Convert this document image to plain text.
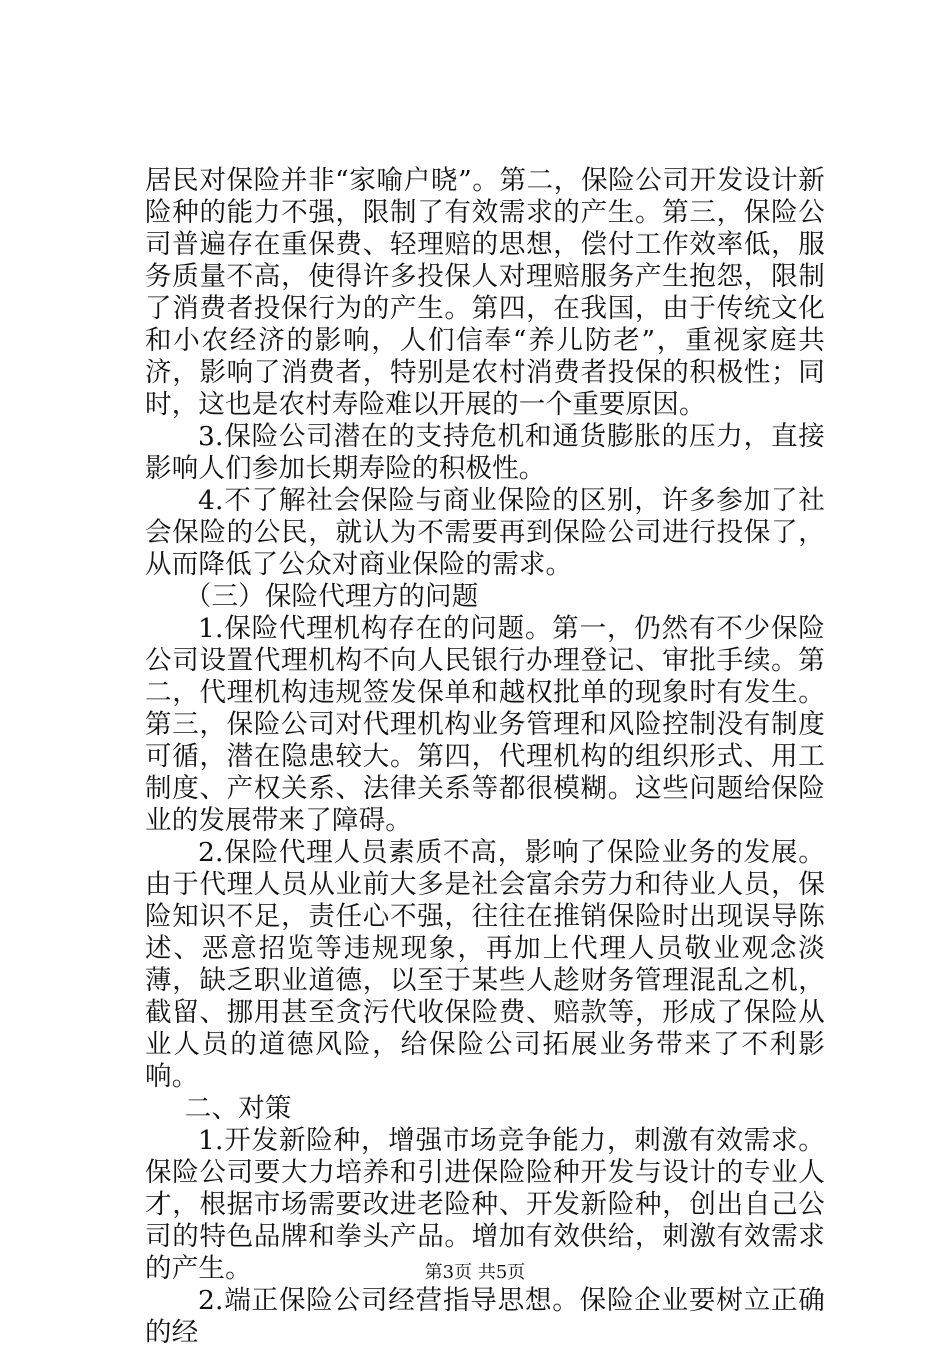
居民对保险并非“家喻户晓”。第二，保险公司开发设计新险种的能力不强，限制了有效需求的产生。第三，保险公司普遍存在重保费、轻理赔的思想，偿付工作效率低，服务质量不高，使得许多投保人对理赔服务产生抱怨，限制了消费者投保行为的产生。第四，在我国，由于传统文化和小农经济的影响，人们信奉“养儿防老”，重视家庭共济，影响了消费者，特别是农村消费者投保的积极性；同时，这也是农村寿险难以开展的一个重要原因。

3.保险公司潜在的支持危机和通货膨胀的压力，直接影响人们参加长期寿险的积极性。

4.不了解社会保险与商业保险的区别，许多参加了社会保险的公民，就认为不需要再到保险公司进行投保了，从而降低了公众对商业保险的需求。

（三）保险代理方的问题

1.保险代理机构存在的问题。第一，仍然有不少保险公司设置代理机构不向人民银行办理登记、审批手续。第二，代理机构违规签发保单和越权批单的现象时有发生。第三，保险公司对代理机构业务管理和风险控制没有制度可循，潜在隐患较大。第四，代理机构的组织形式、用工制度、产权关系、法律关系等都很模糊。这些问题给保险业的发展带来了障碍。

2.保险代理人员素质不高，影响了保险业务的发展。由于代理人员从业前大多是社会富余劳力和待业人员，保险知识不足，责任心不强，往往在推销保险时出现误导陈述、恶意招览等违规现象，再加上代理人员敬业观念淡薄，缺乏职业道德，以至于某些人趁财务管理混乱之机，截留、挪用甚至贪污代收保险费、赔款等，形成了保险从业人员的道德风险，给保险公司拓展业务带来了不利影响。

二、对策

1.开发新险种，增强市场竞争能力，刺激有效需求。保险公司要大力培养和引进保险险种开发与设计的专业人才，根据市场需要改进老险种、开发新险种，创出自己公司的特色品牌和拳头产品。增加有效供给，刺激有效需求的产生。

2.端正保险公司经营指导思想。保险企业要树立正确的经

第3页 共5页
